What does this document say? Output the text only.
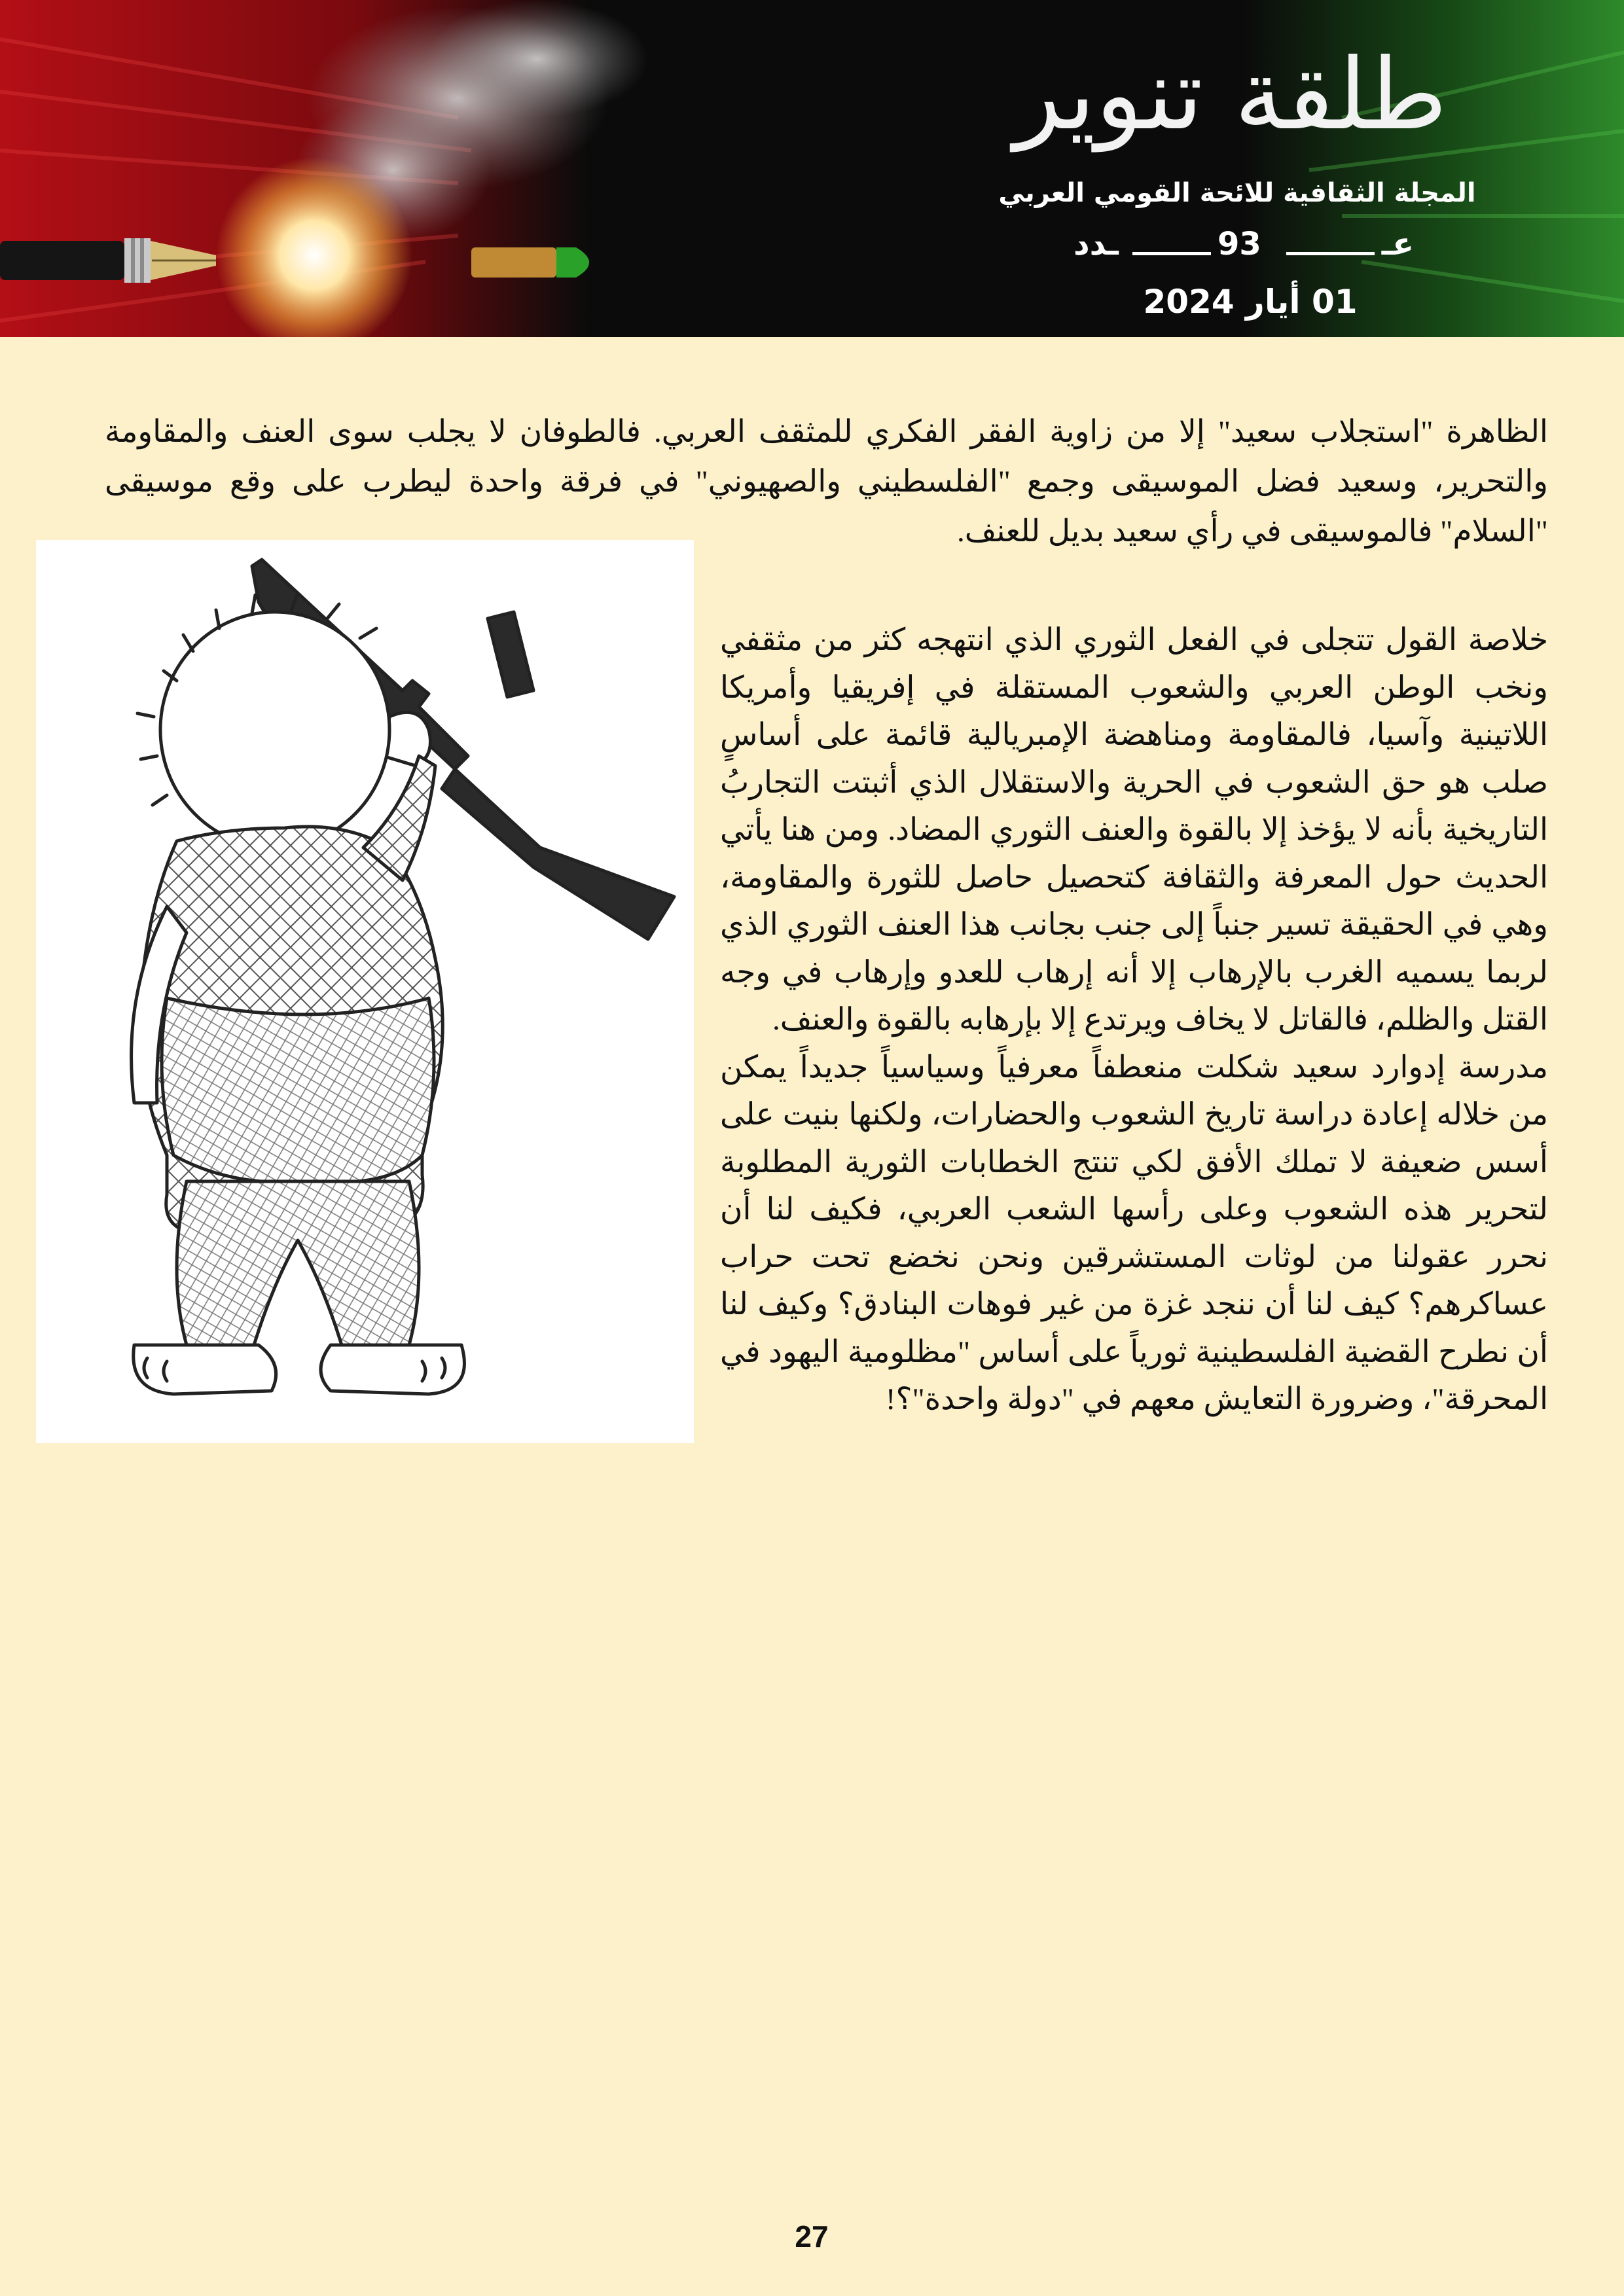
طلقة تنوير
المجلة الثقافية للائحة القومي العربي
عـ
93
ـدد
01 أيار 2024

الظاهرة "استجلاب سعيد" إلا من زاوية الفقر الفكري للمثقف العربي. فالطوفان لا يجلب سوى العنف والمقاومة والتحرير، وسعيد فضل الموسيقى وجمع "الفلسطيني والصهيوني" في فرقة واحدة ليطرب على وقع موسيقى "السلام" فالموسيقى في رأي سعيد بديل للعنف.

خلاصة القول تتجلى في الفعل الثوري الذي انتهجه كثر من مثقفي ونخب الوطن العربي والشعوب المستقلة في إفريقيا وأمريكا اللاتينية وآسيا، فالمقاومة ومناهضة الإمبريالية قائمة على أساسٍ صلب هو حق الشعوب في الحرية والاستقلال الذي أثبتت التجاربُ التاريخية بأنه لا يؤخذ إلا بالقوة والعنف الثوري المضاد. ومن هنا يأتي الحديث حول المعرفة والثقافة كتحصيل حاصل للثورة والمقاومة، وهي في الحقيقة تسير جنباً إلى جنب بجانب هذا العنف الثوري الذي لربما يسميه الغرب بالإرهاب إلا أنه إرهاب للعدو وإرهاب في وجه القتل والظلم، فالقاتل لا يخاف ويرتدع إلا بإرهابه بالقوة والعنف.

مدرسة إدوارد سعيد شكلت منعطفاً معرفياً وسياسياً جديداً يمكن من خلاله إعادة دراسة تاريخ الشعوب والحضارات، ولكنها بنيت على أسس ضعيفة لا تملك الأفق لكي تنتج الخطابات الثورية المطلوبة لتحرير هذه الشعوب وعلى رأسها الشعب العربي، فكيف لنا أن نحرر عقولنا من لوثات المستشرقين ونحن نخضع تحت حراب عساكرهم؟ كيف لنا أن ننجد غزة من غير فوهات البنادق؟ وكيف لنا أن نطرح القضية الفلسطينية ثورياً على أساس "مظلومية اليهود في المحرقة"، وضرورة التعايش معهم في "دولة واحدة"؟!

27
